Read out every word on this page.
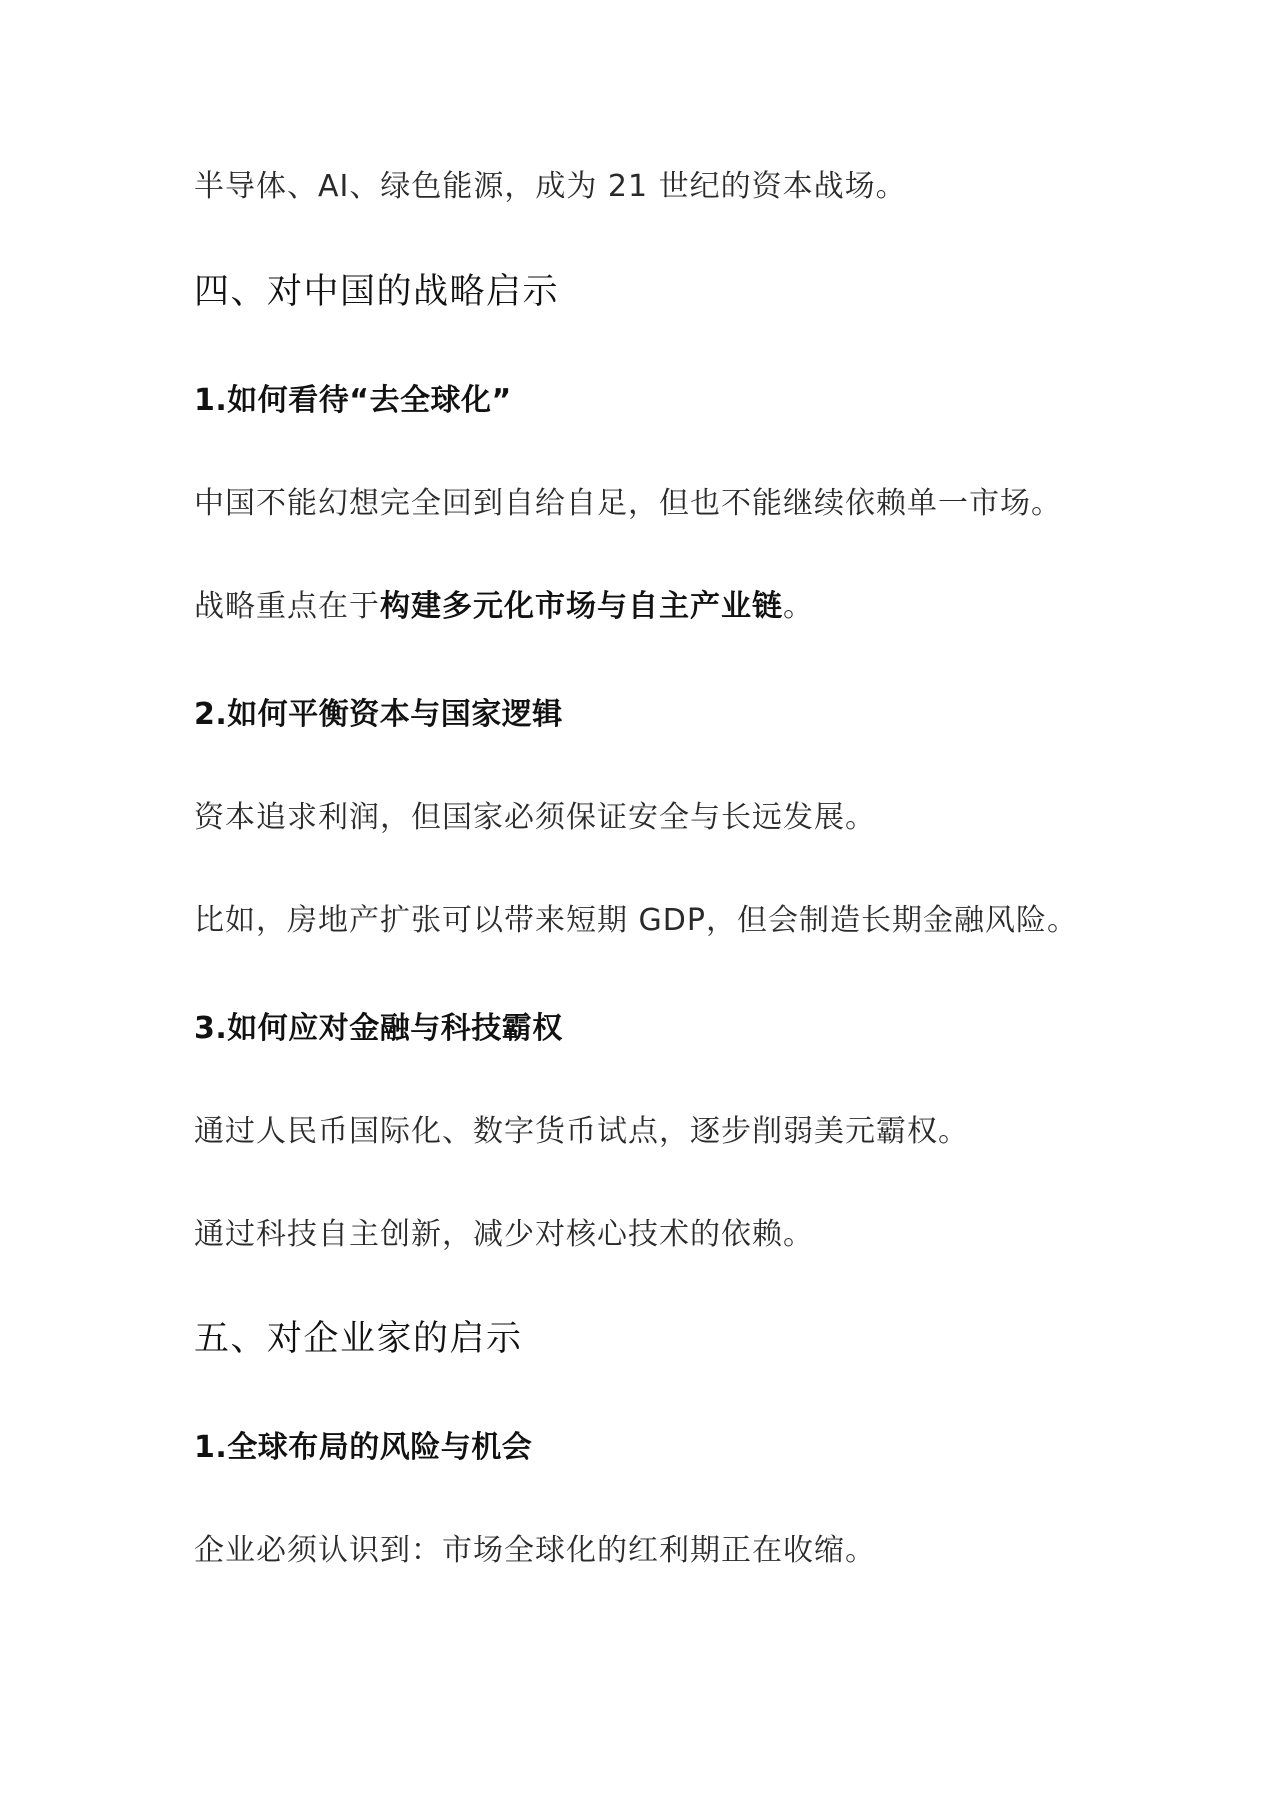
半导体、AI、绿色能源，成为 21 世纪的资本战场。
四、对中国的战略启示
1.如何看待“去全球化”
中国不能幻想完全回到自给自足，但也不能继续依赖单一市场。
战略重点在于构建多元化市场与自主产业链。
2.如何平衡资本与国家逻辑
资本追求利润，但国家必须保证安全与长远发展。
比如，房地产扩张可以带来短期 GDP，但会制造长期金融风险。
3.如何应对金融与科技霸权
通过人民币国际化、数字货币试点，逐步削弱美元霸权。
通过科技自主创新，减少对核心技术的依赖。
五、对企业家的启示
1.全球布局的风险与机会
企业必须认识到：市场全球化的红利期正在收缩。
